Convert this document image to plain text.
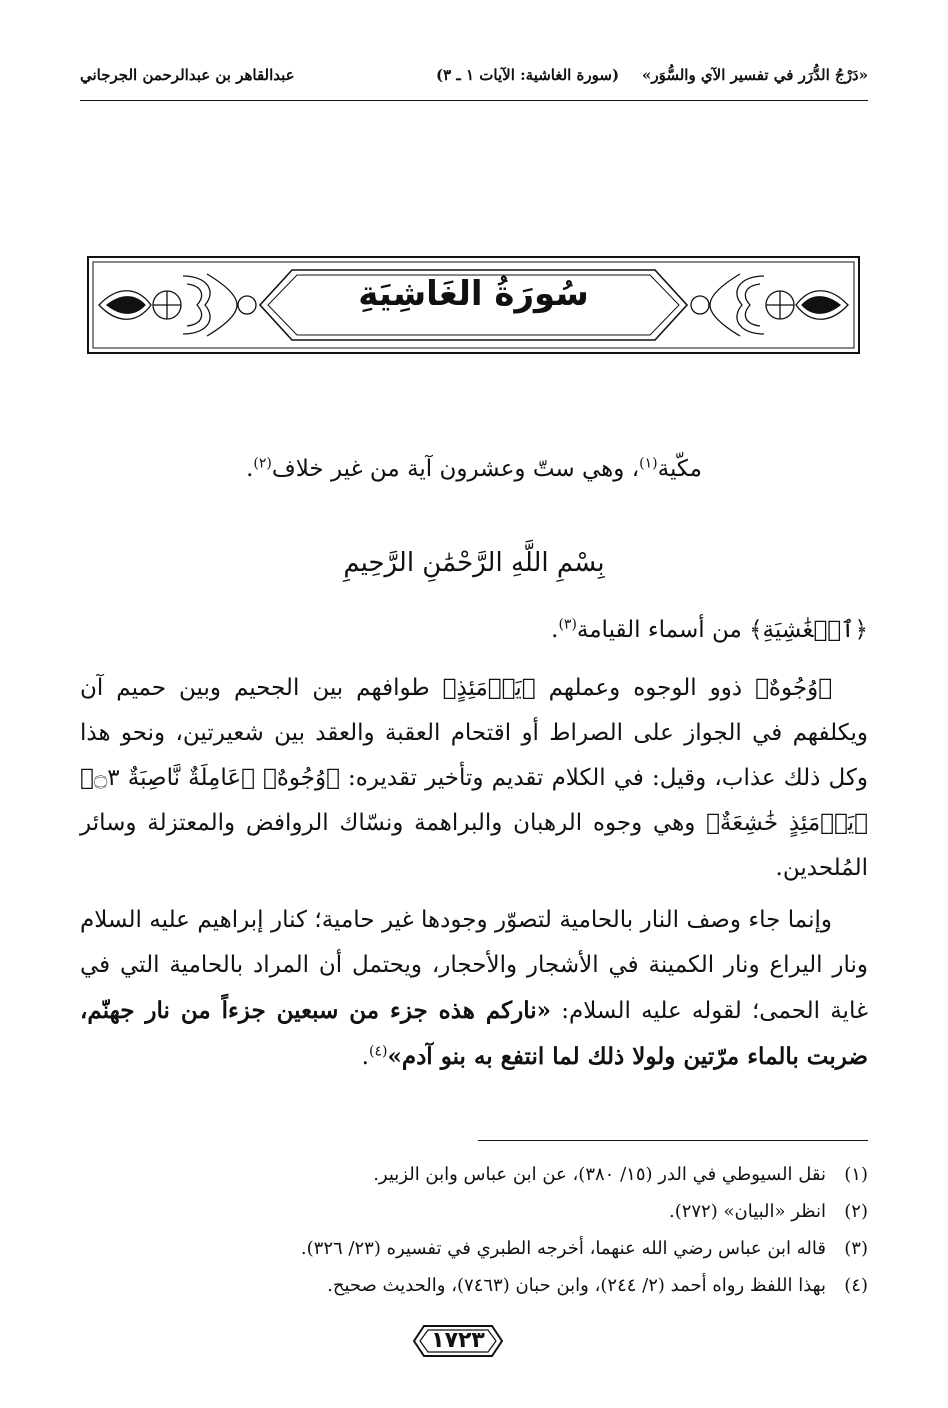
«دَرْجُ الدُّرَر في تفسير الآي والسُّوَر»
(سورة الغاشية: الآيات ١ ـ ٣)
عبدالقاهر بن عبدالرحمن الجرجاني
سُورَةُ الغَاشِيَةِ
مكّية$^{(١)}$، وهي ستّ وعشرون آية من غير خلاف$^{(٢)}$.
بِسْمِ اللَّهِ الرَّحْمَٰنِ الرَّحِيمِ
﴿ٱلۡغَٰشِيَةِ﴾ من أسماء القيامة$^{(٣)}$.
﴿وُجُوهٌ﴾ ذوو الوجوه وعملهم ﴿يَوۡمَئِذٍ﴾ طوافهم بين الجحيم وبين حميم آن ويكلفهم في الجواز على الصراط أو اقتحام العقبة والعقد بين شعيرتين، ونحو هذا وكل ذلك عذاب، وقيل: في الكلام تقديم وتأخير تقديره: ﴿وُجُوهٌ﴾ ﴿عَامِلَةٌ نَّاصِبَةٌ ۝٣﴾ ﴿يَوۡمَئِذٍ خَٰشِعَةٌ﴾ وهي وجوه الرهبان والبراهمة ونسّاك الروافض والمعتزلة وسائر المُلحدين.
وإنما جاء وصف النار بالحامية لتصوّر وجودها غير حامية؛ كنار إبراهيم عليه السلام ونار اليراع ونار الكمينة في الأشجار والأحجار، ويحتمل أن المراد بالحامية التي في غاية الحمى؛ لقوله عليه السلام: «ناركم هذه جزء من سبعين جزءاً من نار جهنّم، ضربت بالماء مرّتين ولولا ذلك لما انتفع به بنو آدم»$^{(٤)}$.
(١)نقل السيوطي في الدر (١٥/ ٣٨٠)، عن ابن عباس وابن الزبير.
(٢)انظر «البيان» (٢٧٢).
(٣)قاله ابن عباس رضي الله عنهما، أخرجه الطبري في تفسيره (٢٣/ ٣٢٦).
(٤)بهذا اللفظ رواه أحمد (٢/ ٢٤٤)، وابن حبان (٧٤٦٣)، والحديث صحيح.
١٧٢٣
